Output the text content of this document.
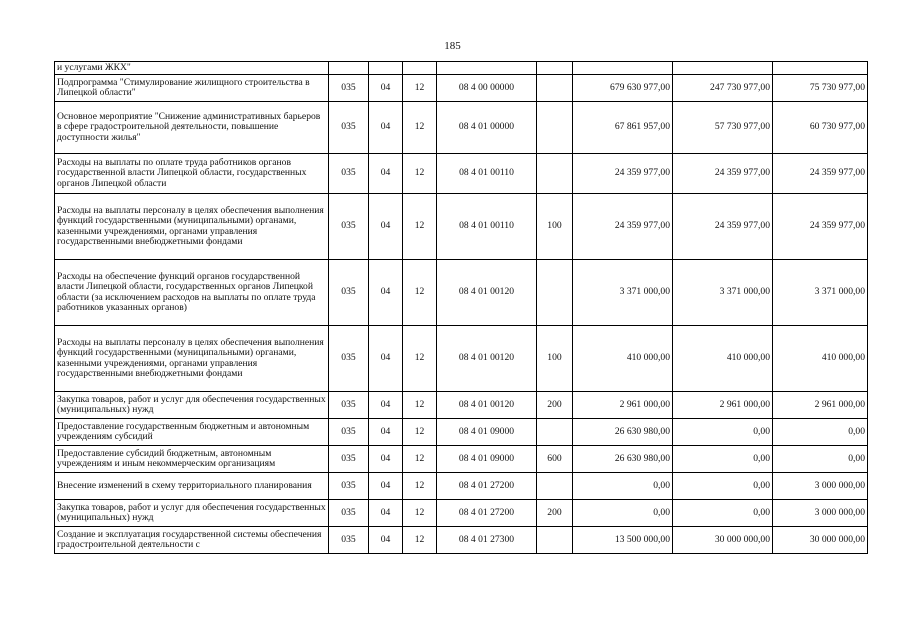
185
и услугами ЖКХ"								
Подпрограмма "Стимулирование жилищного строительства в Липецкой области"	035	04	12	08 4 00 00000		679 630 977,00	247 730 977,00	75 730 977,00
Основное мероприятие "Снижение административных барьеров в сфере градостроительной деятельности, повышение доступности жилья"	035	04	12	08 4 01 00000		67 861 957,00	57 730 977,00	60 730 977,00
Расходы на выплаты по оплате труда работников органов государственной власти Липецкой области, государственных органов Липецкой области	035	04	12	08 4 01 00110		24 359 977,00	24 359 977,00	24 359 977,00
Расходы на выплаты персоналу в целях обеспечения выполнения функций государственными (муниципальными) органами, казенными учреждениями, органами управления государственными внебюджетными фондами	035	04	12	08 4 01 00110	100	24 359 977,00	24 359 977,00	24 359 977,00
Расходы на обеспечение функций органов государственной власти Липецкой области, государственных органов Липецкой области (за исключением расходов на выплаты по оплате труда работников указанных органов)	035	04	12	08 4 01 00120		3 371 000,00	3 371 000,00	3 371 000,00
Расходы на выплаты персоналу в целях обеспечения выполнения функций государственными (муниципальными) органами, казенными учреждениями, органами управления государственными внебюджетными фондами	035	04	12	08 4 01 00120	100	410 000,00	410 000,00	410 000,00
Закупка товаров, работ и услуг для обеспечения государственных (муниципальных) нужд	035	04	12	08 4 01 00120	200	2 961 000,00	2 961 000,00	2 961 000,00
Предоставление государственным бюджетным и автономным учреждениям субсидий	035	04	12	08 4 01 09000		26 630 980,00	0,00	0,00
Предоставление субсидий бюджетным, автономным учреждениям и иным некоммерческим организациям	035	04	12	08 4 01 09000	600	26 630 980,00	0,00	0,00
Внесение изменений в схему территориального планирования	035	04	12	08 4 01 27200		0,00	0,00	3 000 000,00
Закупка товаров, работ и услуг для обеспечения государственных (муниципальных) нужд	035	04	12	08 4 01 27200	200	0,00	0,00	3 000 000,00
Создание и эксплуатация государственной системы обеспечения градостроительной деятельности с	035	04	12	08 4 01 27300		13 500 000,00	30 000 000,00	30 000 000,00
